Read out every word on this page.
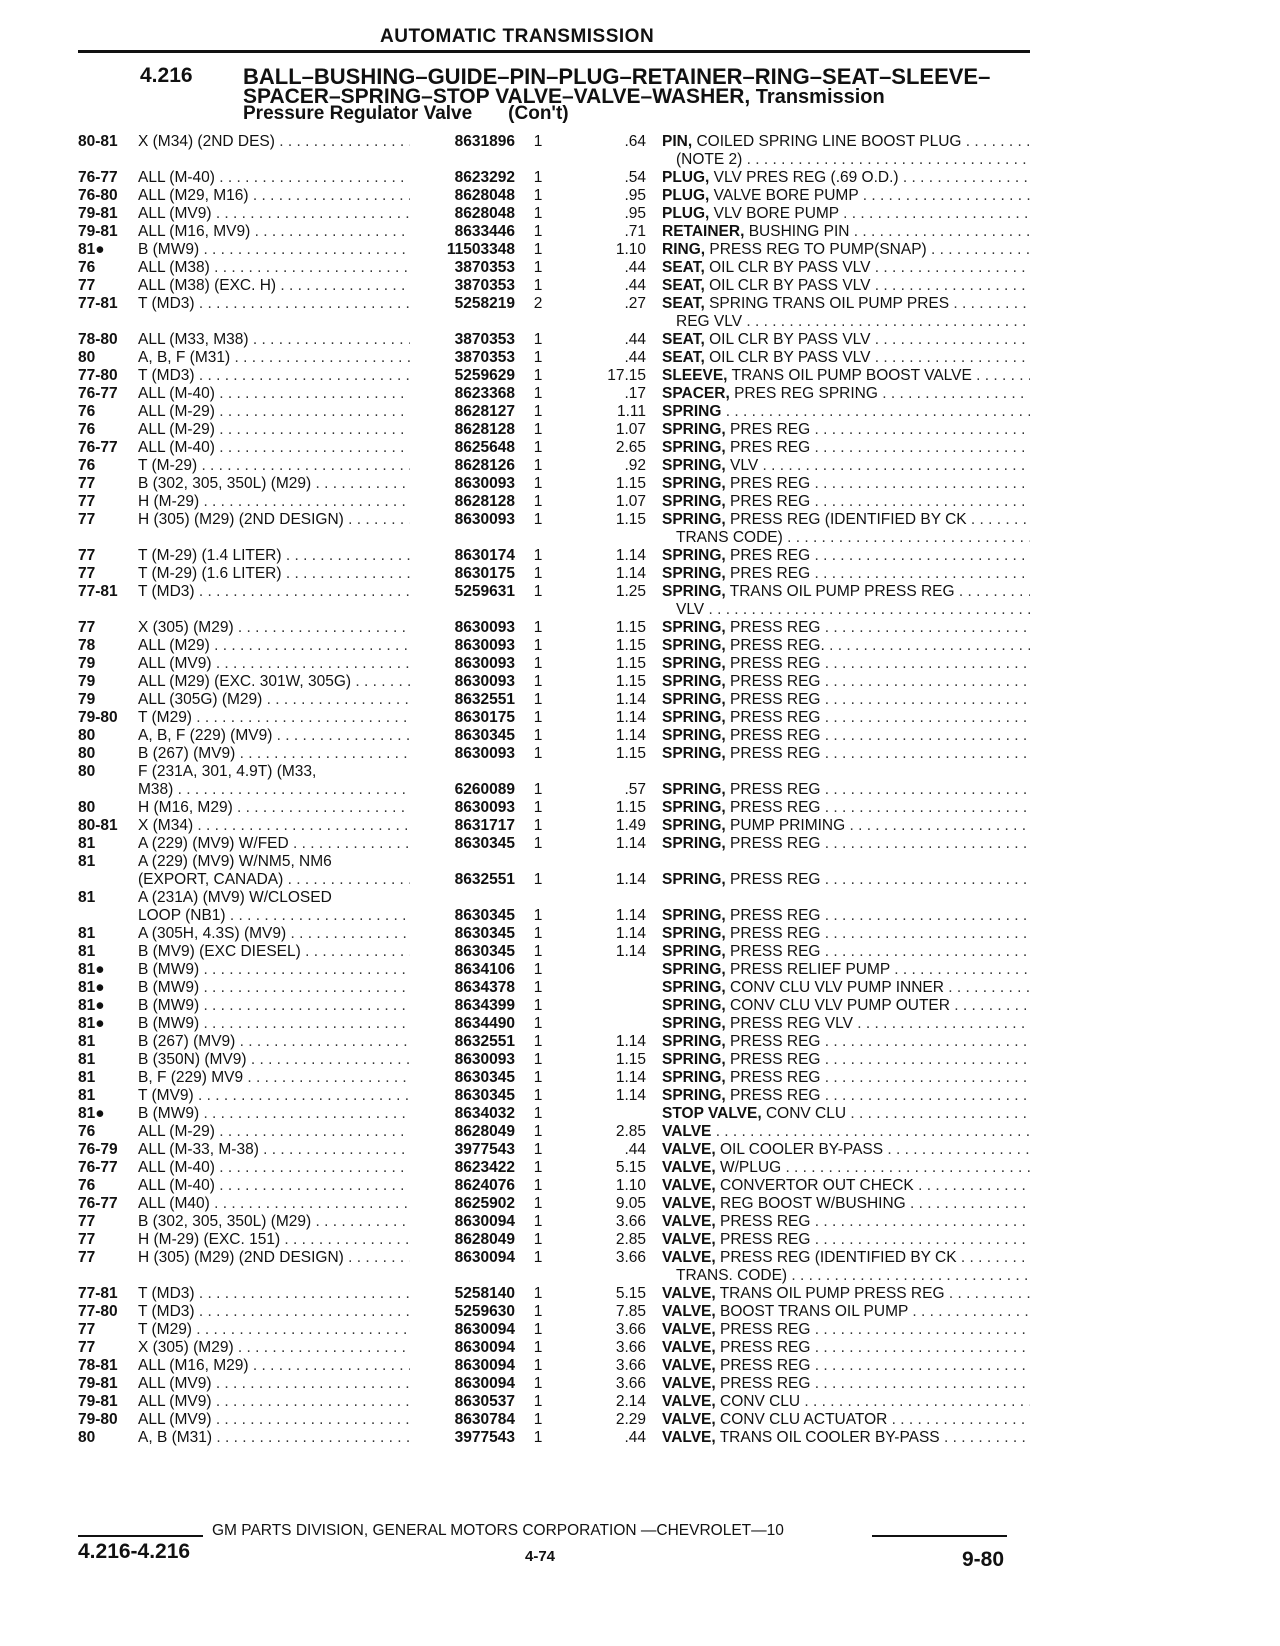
AUTOMATIC TRANSMISSION
4.216 BALL–BUSHING–GUIDE–PIN–PLUG–RETAINER–RING–SEAT–SLEEVE–
SPACER–SPRING–STOP VALVE–VALVE–WASHER, Transmission
Pressure Regulator Valve (Con't)
80-81	X (M34) (2ND DES) . . .	8631896	1	.64 PIN, COILED SPRING LINE BOOST PLUG . . .
(NOTE 2) . . .
76-77	ALL (M-40) . . .	8623292	1	.54 PLUG, VLV PRES REG (.69 O.D.) . . .
76-80	ALL (M29, M16) . . .	8628048	1	.95 PLUG, VALVE BORE PUMP . . .
79-81	ALL (MV9) . . .	8628048	1	.95 PLUG, VLV BORE PUMP . . .
79-81	ALL (M16, MV9) . . .	8633446	1	.71 RETAINER, BUSHING PIN . . .
81●	B (MW9) . . .	11503348	1	1.10 RING, PRESS REG TO PUMP(SNAP) . . .
76	ALL (M38) . . .	3870353	1	.44 SEAT, OIL CLR BY PASS VLV . . .
77	ALL (M38) (EXC. H) . . .	3870353	1	.44 SEAT, OIL CLR BY PASS VLV . . .
77-81	T (MD3) . . .	5258219	2	.27 SEAT, SPRING TRANS OIL PUMP PRES . . .
REG VLV . . .
78-80	ALL (M33, M38) . . .	3870353	1	.44 SEAT, OIL CLR BY PASS VLV . . .
80	A, B, F (M31) . . .	3870353	1	.44 SEAT, OIL CLR BY PASS VLV . . .
77-80	T (MD3) . . .	5259629	1	17.15 SLEEVE, TRANS OIL PUMP BOOST VALVE . . .
76-77	ALL (M-40) . . .	8623368	1	.17 SPACER, PRES REG SPRING . . .
76	ALL (M-29) . . .	8628127	1	1.11 SPRING . . .
76	ALL (M-29) . . .	8628128	1	1.07 SPRING, PRES REG . . .
76-77	ALL (M-40) . . .	8625648	1	2.65 SPRING, PRES REG . . .
76	T (M-29) . . .	8628126	1	.92 SPRING, VLV . . .
77	B (302, 305, 350L) (M29) . . .	8630093	1	1.15 SPRING, PRES REG . . .
77	H (M-29) . . .	8628128	1	1.07 SPRING, PRES REG . . .
77	H (305) (M29) (2ND DESIGN) . . .	8630093	1	1.15 SPRING, PRESS REG (IDENTIFIED BY CK . . .
TRANS CODE) . . .
77	T (M-29) (1.4 LITER) . . .	8630174	1	1.14 SPRING, PRES REG . . .
77	T (M-29) (1.6 LITER) . . .	8630175	1	1.14 SPRING, PRES REG . . .
77-81	T (MD3) . . .	5259631	1	1.25 SPRING, TRANS OIL PUMP PRESS REG . . .
VLV . . .
77	X (305) (M29) . . .	8630093	1	1.15 SPRING, PRESS REG . . .
78	ALL (M29) . . .	8630093	1	1.15 SPRING, PRESS REG. . . .
79	ALL (MV9) . . .	8630093	1	1.15 SPRING, PRESS REG . . .
79	ALL (M29) (EXC. 301W, 305G) . . .	8630093	1	1.15 SPRING, PRESS REG . . .
79	ALL (305G) (M29) . . .	8632551	1	1.14 SPRING, PRESS REG . . .
79-80	T (M29) . . .	8630175	1	1.14 SPRING, PRESS REG . . .
80	A, B, F (229) (MV9) . . .	8630345	1	1.14 SPRING, PRESS REG . . .
80	B (267) (MV9) . . .	8630093	1	1.15 SPRING, PRESS REG . . .
80	F (231A, 301, 4.9T) (M33,
M38) . . .	6260089	1	.57 SPRING, PRESS REG . . .
80	H (M16, M29) . . .	8630093	1	1.15 SPRING, PRESS REG . . .
80-81	X (M34) . . .	8631717	1	1.49 SPRING, PUMP PRIMING . . .
81	A (229) (MV9) W/FED . . .	8630345	1	1.14 SPRING, PRESS REG . . .
81	A (229) (MV9) W/NM5, NM6
(EXPORT, CANADA) . . .	8632551	1	1.14 SPRING, PRESS REG . . .
81	A (231A) (MV9) W/CLOSED
LOOP (NB1) . . .	8630345	1	1.14 SPRING, PRESS REG . . .
81	A (305H, 4.3S) (MV9) . . .	8630345	1	1.14 SPRING, PRESS REG . . .
81	B (MV9) (EXC DIESEL) . . .	8630345	1	1.14 SPRING, PRESS REG . . .
81●	B (MW9) . . .	8634106	1	SPRING, PRESS RELIEF PUMP . . .
81●	B (MW9) . . .	8634378	1	SPRING, CONV CLU VLV PUMP INNER . . .
81●	B (MW9) . . .	8634399	1	SPRING, CONV CLU VLV PUMP OUTER . . .
81●	B (MW9) . . .	8634490	1	SPRING, PRESS REG VLV . . .
81	B (267) (MV9) . . .	8632551	1	1.14 SPRING, PRESS REG . . .
81	B (350N) (MV9) . . .	8630093	1	1.15 SPRING, PRESS REG . . .
81	B, F (229) MV9 . . .	8630345	1	1.14 SPRING, PRESS REG . . .
81	T (MV9) . . .	8630345	1	1.14 SPRING, PRESS REG . . .
81●	B (MW9) . . .	8634032	1	STOP VALVE, CONV CLU . . .
76	ALL (M-29) . . .	8628049	1	2.85 VALVE . . .
76-79	ALL (M-33, M-38) . . .	3977543	1	.44 VALVE, OIL COOLER BY-PASS . . .
76-77	ALL (M-40) . . .	8623422	1	5.15 VALVE, W/PLUG . . .
76	ALL (M-40) . . .	8624076	1	1.10 VALVE, CONVERTOR OUT CHECK . . .
76-77	ALL (M40) . . .	8625902	1	9.05 VALVE, REG BOOST W/BUSHING . . .
77	B (302, 305, 350L) (M29) . . .	8630094	1	3.66 VALVE, PRESS REG . . .
77	H (M-29) (EXC. 151) . . .	8628049	1	2.85 VALVE, PRESS REG . . .
77	H (305) (M29) (2ND DESIGN) . . .	8630094	1	3.66 VALVE, PRESS REG (IDENTIFIED BY CK . . .
TRANS. CODE) . . .
77-81	T (MD3) . . .	5258140	1	5.15 VALVE, TRANS OIL PUMP PRESS REG . . .
77-80	T (MD3) . . .	5259630	1	7.85 VALVE, BOOST TRANS OIL PUMP . . .
77	T (M29) . . .	8630094	1	3.66 VALVE, PRESS REG . . .
77	X (305) (M29) . . .	8630094	1	3.66 VALVE, PRESS REG . . .
78-81	ALL (M16, M29) . . .	8630094	1	3.66 VALVE, PRESS REG . . .
79-81	ALL (MV9) . . .	8630094	1	3.66 VALVE, PRESS REG . . .
79-81	ALL (MV9) . . .	8630537	1	2.14 VALVE, CONV CLU . . .
79-80	ALL (MV9) . . .	8630784	1	2.29 VALVE, CONV CLU ACTUATOR . . .
80	A, B (M31) . . .	3977543	1	.44 VALVE, TRANS OIL COOLER BY-PASS . . .
GM PARTS DIVISION, GENERAL MOTORS CORPORATION —CHEVROLET—10
4.216-4.216	4-74	9-80
